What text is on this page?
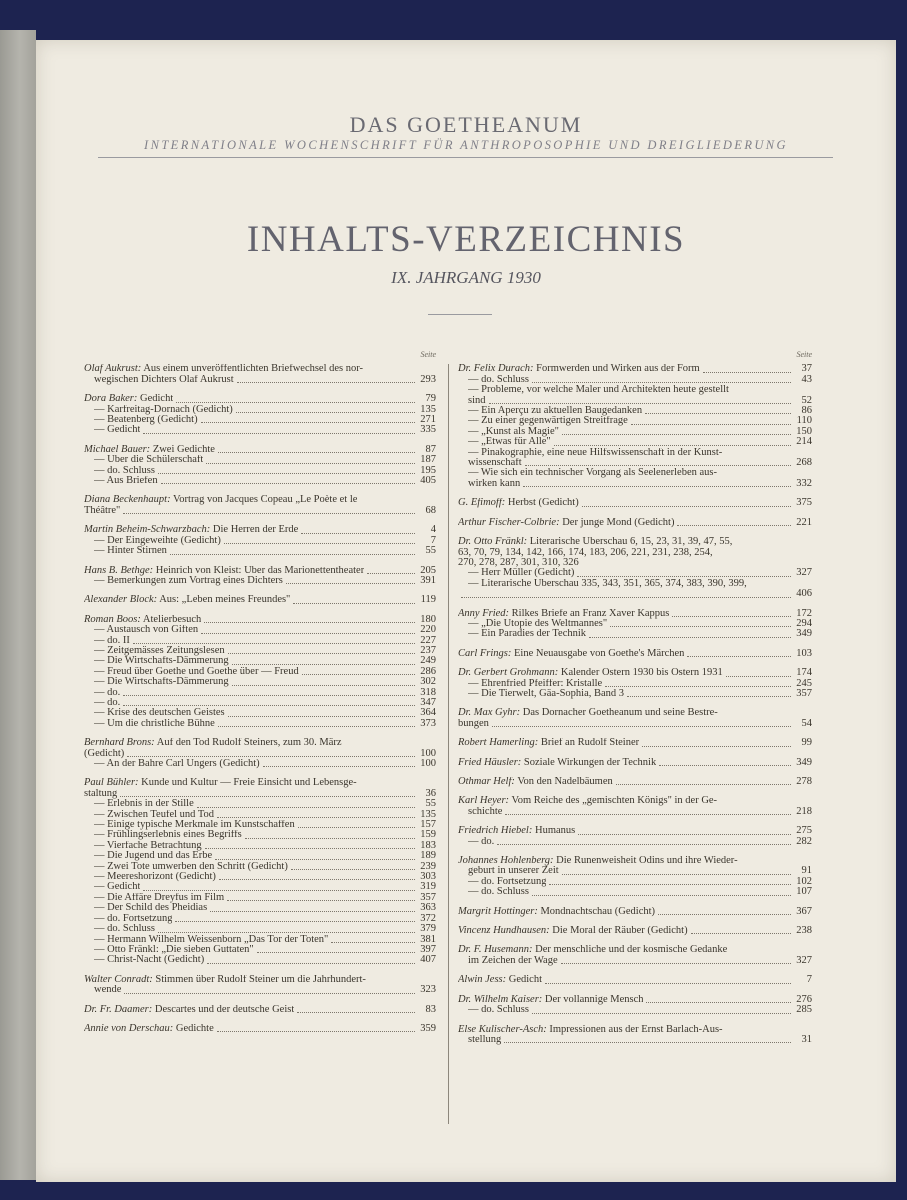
DAS GOETHEANUM
INTERNATIONALE WOCHENSCHRIFT FÜR ANTHROPOSOPHIE UND DREIGLIEDERUNG
INHALTS-VERZEICHNIS
IX. JAHRGANG 1930
Seite
Olaf Aukrust: Aus einem unveröffentlichten Briefwechsel des nor-
wegischen Dichters Olaf Aukrust	293
Dora Baker: Gedicht	79
— Karfreitag-Dornach (Gedicht)	135
— Beatenberg (Gedicht)	271
— Gedicht	335
Michael Bauer: Zwei Gedichte	87
— Über die Schülerschaft	187
— do. Schluss	195
— Aus Briefen	405
Diana Beckenhaupt: Vortrag von Jacques Copeau „Le Poète et le
Théâtre"	68
Martin Beheim-Schwarzbach: Die Herren der Erde	4
— Der Eingeweihte (Gedicht)	7
— Hinter Stirnen	55
Hans B. Bethge: Heinrich von Kleist: Über das Marionettentheater	205
— Bemerkungen zum Vortrag eines Dichters	391
Alexander Block: Aus: „Leben meines Freundes"	119
Roman Boos: Atelierbesuch	180
— Austausch von Giften	220
— do. II	227
— Zeitgemässes Zeitungslesen	237
— Die Wirtschafts-Dämmerung	249
— Freud über Goethe und Goethe über — Freud	286
— Die Wirtschafts-Dämmerung	302
— do.	318
— do.	347
— Krise des deutschen Geistes	364
— Um die christliche Bühne	373
Bernhard Brons: Auf den Tod Rudolf Steiners, zum 30. März
(Gedicht)	100
— An der Bahre Carl Ungers (Gedicht)	100
Paul Bühler: Kunde und Kultur — Freie Einsicht und Lebensge-
staltung	36
— Erlebnis in der Stille	55
— Zwischen Teufel und Tod	135
— Einige typische Merkmale im Kunstschaffen	157
— Frühlingserlebnis eines Begriffs	159
— Vierfache Betrachtung	183
— Die Jugend und das Erbe	189
— Zwei Tote umwerben den Schritt (Gedicht)	239
— Meereshorizont (Gedicht)	303
— Gedicht	319
— Die Affäre Dreyfus im Film	357
— Der Schild des Pheidias	363
— do. Fortsetzung	372
— do. Schluss	379
— Hermann Wilhelm Weissenborn „Das Tor der Toten"	381
— Otto Fränkl: „Die sieben Guttaten"	397
— Christ-Nacht (Gedicht)	407
Walter Conradt: Stimmen über Rudolf Steiner um die Jahrhundert-
wende	323
Dr. Fr. Daamer: Descartes und der deutsche Geist	83
Annie von Derschau: Gedichte	359
Seite
Dr. Felix Durach: Formwerden und Wirken aus der Form	37
— do. Schluss	43
— Probleme, vor welche Maler und Architekten heute gestellt
sind	52
— Ein Aperçu zu aktuellen Baugedanken	86
— Zu einer gegenwärtigen Streitfrage	110
— „Kunst als Magie"	150
— „Etwas für Alle"	214
— Pinakographie, eine neue Hilfswissenschaft in der Kunst-
wissenschaft	268
— Wie sich ein technischer Vorgang als Seelenerleben aus-
wirken kann	332
G. Efimoff: Herbst (Gedicht)	375
Arthur Fischer-Colbrie: Der junge Mond (Gedicht)	221
Dr. Otto Fränkl: Literarische Überschau 6, 15, 23, 31, 39, 47, 55,
63, 70, 79, 134, 142, 166, 174, 183, 206, 221, 231, 238, 254,
270, 278, 287, 301, 310, 326
— Herr Müller (Gedicht)	327
— Literarische Überschau 335, 343, 351, 365, 374, 383, 390, 399,
406
Anny Fried: Rilkes Briefe an Franz Xaver Kappus	172
— „Die Utopie des Weltmannes"	294
— Ein Paradies der Technik	349
Carl Frings: Eine Neuausgabe von Goethe's Märchen	103
Dr. Gerbert Grohmann: Kalender Ostern 1930 bis Ostern 1931	174
— Ehrenfried Pfeiffer: Kristalle	245
— Die Tierwelt, Gäa-Sophia, Band 3	357
Dr. Max Gyhr: Das Dornacher Goetheanum und seine Bestre-
bungen	54
Robert Hamerling: Brief an Rudolf Steiner	99
Fried Häusler: Soziale Wirkungen der Technik	349
Othmar Helf: Von den Nadelbäumen	278
Karl Heyer: Vom Reiche des „gemischten Königs" in der Ge-
schichte	218
Friedrich Hiebel: Humanus	275
— do.	282
Johannes Hohlenberg: Die Runenweisheit Odins und ihre Wieder-
geburt in unserer Zeit	91
— do. Fortsetzung	102
— do. Schluss	107
Margrit Hottinger: Mondnachtschau (Gedicht)	367
Vincenz Hundhausen: Die Moral der Räuber (Gedicht)	238
Dr. F. Husemann: Der menschliche und der kosmische Gedanke
im Zeichen der Wage	327
Alwin Jess: Gedicht	7
Dr. Wilhelm Kaiser: Der vollannige Mensch	276
— do. Schluss	285
Else Kulischer-Asch: Impressionen aus der Ernst Barlach-Aus-
stellung	31
